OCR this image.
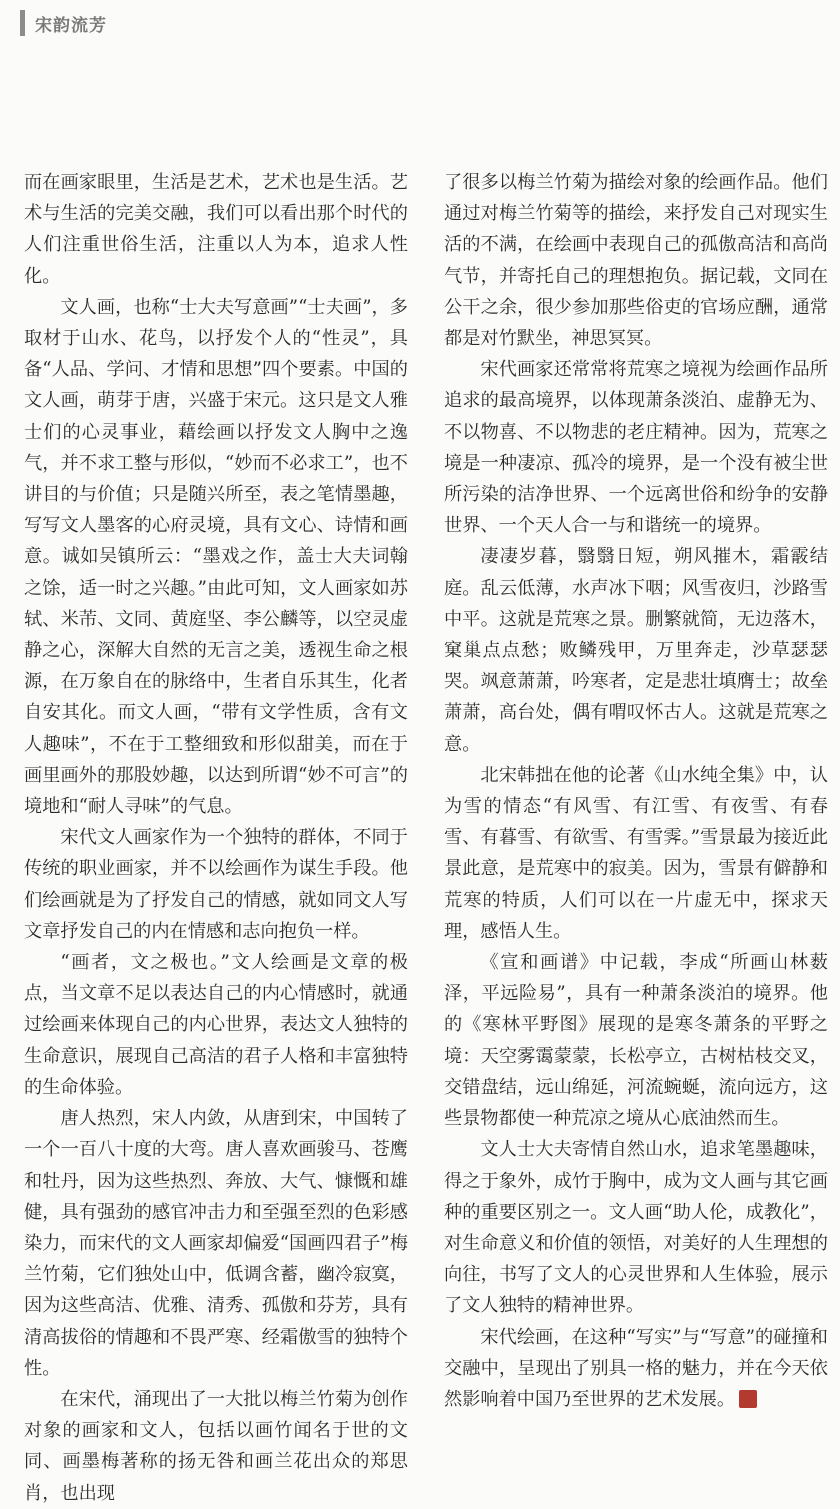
宋韵流芳

而在画家眼里，生活是艺术，艺术也是生活。艺术与生活的完美交融，我们可以看出那个时代的人们注重世俗生活，注重以人为本，追求人性化。

文人画，也称“士大夫写意画”“士夫画”，多取材于山水、花鸟，以抒发个人的“性灵”，具备“人品、学问、才情和思想”四个要素。中国的文人画，萌芽于唐，兴盛于宋元。这只是文人雅士们的心灵事业，藉绘画以抒发文人胸中之逸气，并不求工整与形似，“妙而不必求工”，也不讲目的与价值；只是随兴所至，表之笔情墨趣，写写文人墨客的心府灵境，具有文心、诗情和画意。诚如吴镇所云：“墨戏之作，盖士大夫词翰之馀，适一时之兴趣。”由此可知，文人画家如苏轼、米芾、文同、黄庭坚、李公麟等，以空灵虚静之心，深解大自然的无言之美，透视生命之根源，在万象自在的脉络中，生者自乐其生，化者自安其化。而文人画，“带有文学性质，含有文人趣味”，不在于工整细致和形似甜美，而在于画里画外的那股妙趣，以达到所谓“妙不可言”的境地和“耐人寻味”的气息。

宋代文人画家作为一个独特的群体，不同于传统的职业画家，并不以绘画作为谋生手段。他们绘画就是为了抒发自己的情感，就如同文人写文章抒发自己的内在情感和志向抱负一样。

“画者，文之极也。”文人绘画是文章的极点，当文章不足以表达自己的内心情感时，就通过绘画来体现自己的内心世界，表达文人独特的生命意识，展现自己高洁的君子人格和丰富独特的生命体验。

唐人热烈，宋人内敛，从唐到宋，中国转了一个一百八十度的大弯。唐人喜欢画骏马、苍鹰和牡丹，因为这些热烈、奔放、大气、慷慨和雄健，具有强劲的感官冲击力和至强至烈的色彩感染力，而宋代的文人画家却偏爱“国画四君子”梅兰竹菊，它们独处山中，低调含蓄，幽冷寂寞，因为这些高洁、优雅、清秀、孤傲和芬芳，具有清高拔俗的情趣和不畏严寒、经霜傲雪的独特个性。

在宋代，涌现出了一大批以梅兰竹菊为创作对象的画家和文人，包括以画竹闻名于世的文同、画墨梅著称的扬无咎和画兰花出众的郑思肖，也出现

了很多以梅兰竹菊为描绘对象的绘画作品。他们通过对梅兰竹菊等的描绘，来抒发自己对现实生活的不满，在绘画中表现自己的孤傲高洁和高尚气节，并寄托自己的理想抱负。据记载，文同在公干之余，很少参加那些俗吏的官场应酬，通常都是对竹默坐，神思冥冥。

宋代画家还常常将荒寒之境视为绘画作品所追求的最高境界，以体现萧条淡泊、虚静无为、不以物喜、不以物悲的老庄精神。因为，荒寒之境是一种凄凉、孤冷的境界，是一个没有被尘世所污染的洁净世界、一个远离世俗和纷争的安静世界、一个天人合一与和谐统一的境界。

凄凄岁暮，翳翳日短，朔风摧木，霜霰结庭。乱云低薄，水声冰下咽；风雪夜归，沙路雪中平。这就是荒寒之景。删繁就简，无边落木，窠巢点点愁；败鳞残甲，万里奔走，沙草瑟瑟哭。飒意萧萧，吟寒者，定是悲壮填膺士；故垒萧萧，高台处，偶有喟叹怀古人。这就是荒寒之意。

北宋韩拙在他的论著《山水纯全集》中，认为雪的情态“有风雪、有江雪、有夜雪、有春雪、有暮雪、有欲雪、有雪霁。”雪景最为接近此景此意，是荒寒中的寂美。因为，雪景有僻静和荒寒的特质，人们可以在一片虚无中，探求天理，感悟人生。

《宣和画谱》中记载，李成“所画山林薮泽，平远险易”，具有一种萧条淡泊的境界。他的《寒林平野图》展现的是寒冬萧条的平野之境：天空雾霭蒙蒙，长松亭立，古树枯枝交叉，交错盘结，远山绵延，河流蜿蜒，流向远方，这些景物都使一种荒凉之境从心底油然而生。

文人士大夫寄情自然山水，追求笔墨趣味，得之于象外，成竹于胸中，成为文人画与其它画种的重要区别之一。文人画“助人伦，成教化”，对生命意义和价值的领悟，对美好的人生理想的向往，书写了文人的心灵世界和人生体验，展示了文人独特的精神世界。

宋代绘画，在这种“写实”与“写意”的碰撞和交融中，呈现出了别具一格的魅力，并在今天依然影响着中国乃至世界的艺术发展。
